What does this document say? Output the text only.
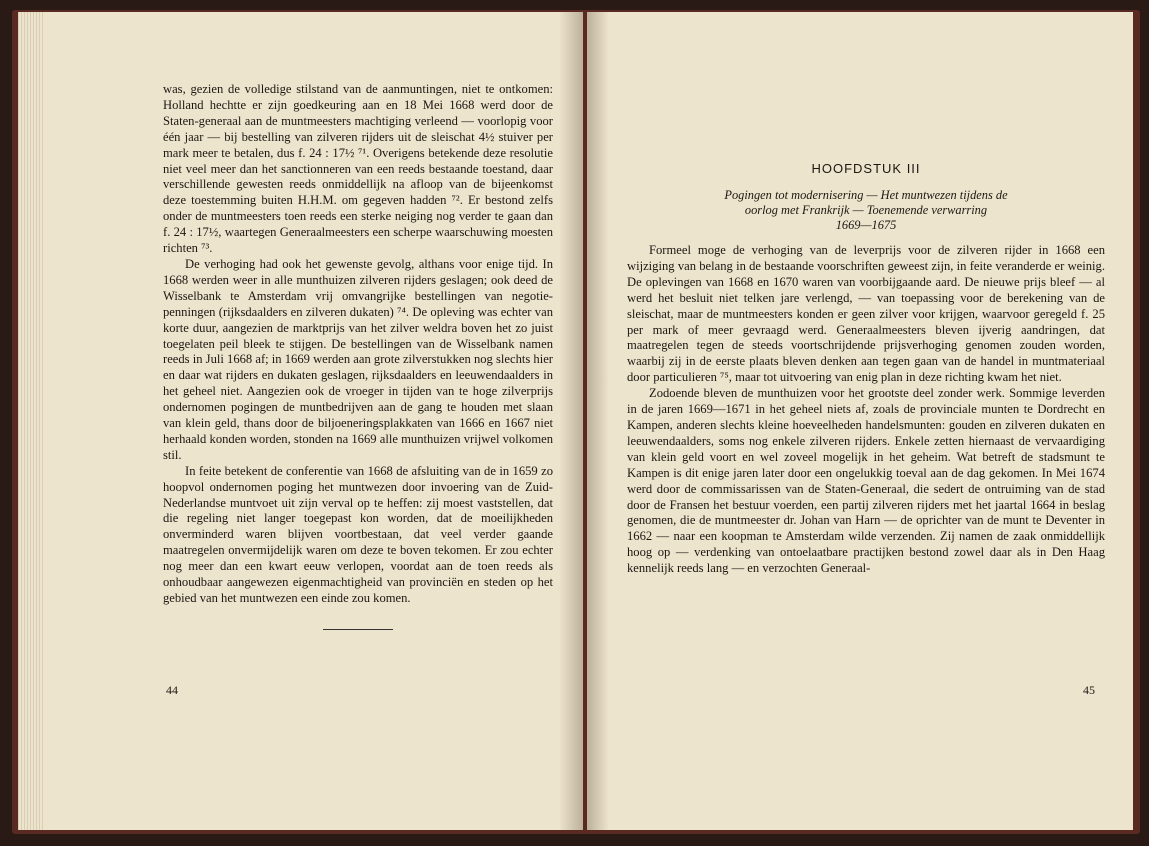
was, gezien de volledige stilstand van de aanmuntingen, niet te ontkomen: Holland hechtte er zijn goedkeuring aan en 18 Mei 1668 werd door de Staten-generaal aan de muntmeesters machtiging verleend — voorlopig voor één jaar — bij bestelling van zilveren rijders uit de sleischat 4½ stuiver per mark meer te betalen, dus f. 24 : 17½ ⁷¹. Overigens betekende deze resolutie niet veel meer dan het sanctionneren van een reeds bestaande toestand, daar verschillende gewesten reeds onmiddellijk na afloop van de bijeenkomst deze toestemming buiten H.H.M. om gegeven hadden ⁷². Er bestond zelfs onder de muntmeesters toen reeds een sterke neiging nog verder te gaan dan f. 24 : 17½, waartegen Generaalmeesters een scherpe waarschuwing moesten richten ⁷³.

De verhoging had ook het gewenste gevolg, althans voor enige tijd. In 1668 werden weer in alle munthuizen zilveren rijders geslagen; ook deed de Wisselbank te Amsterdam vrij omvangrijke bestellingen van negotie-penningen (rijksdaalders en zilveren dukaten) ⁷⁴. De opleving was echter van korte duur, aangezien de marktprijs van het zilver weldra boven het zo juist toegelaten peil bleek te stijgen. De bestellingen van de Wisselbank namen reeds in Juli 1668 af; in 1669 werden aan grote zilverstukken nog slechts hier en daar wat rijders en dukaten geslagen, rijksdaalders en leeuwendaalders in het geheel niet. Aangezien ook de vroeger in tijden van te hoge zilverprijs ondernomen pogingen de muntbedrijven aan de gang te houden met slaan van klein geld, thans door de biljoeneringsplakkaten van 1666 en 1667 niet herhaald konden worden, stonden na 1669 alle munthuizen vrijwel volkomen stil.

In feite betekent de conferentie van 1668 de afsluiting van de in 1659 zo hoopvol ondernomen poging het muntwezen door invoering van de Zuid-Nederlandse muntvoet uit zijn verval op te heffen: zij moest vaststellen, dat die regeling niet langer toegepast kon worden, dat de moeilijkheden onverminderd waren blijven voortbestaan, dat veel verder gaande maatregelen onvermijdelijk waren om deze te boven tekomen. Er zou echter nog meer dan een kwart eeuw verlopen, voordat aan de toen reeds als onhoudbaar aangewezen eigenmachtigheid van provinciën en steden op het gebied van het muntwezen een einde zou komen.

44
HOOFDSTUK III
Pogingen tot modernisering — Het muntwezen tijdens de
oorlog met Frankrijk — Toenemende verwarring
1669—1675

Formeel moge de verhoging van de leverprijs voor de zilveren rijder in 1668 een wijziging van belang in de bestaande voorschriften geweest zijn, in feite veranderde er weinig. De oplevingen van 1668 en 1670 waren van voorbijgaande aard. De nieuwe prijs bleef — al werd het besluit niet telken jare verlengd, — van toepassing voor de berekening van de sleischat, maar de muntmeesters konden er geen zilver voor krijgen, waarvoor geregeld f. 25 per mark of meer gevraagd werd. Generaalmeesters bleven ijverig aandringen, dat maatregelen tegen de steeds voortschrijdende prijsverhoging genomen zouden worden, waarbij zij in de eerste plaats bleven denken aan tegen gaan van de handel in muntmateriaal door particulieren ⁷⁵, maar tot uitvoering van enig plan in deze richting kwam het niet.

Zodoende bleven de munthuizen voor het grootste deel zonder werk. Sommige leverden in de jaren 1669—1671 in het geheel niets af, zoals de provinciale munten te Dordrecht en Kampen, anderen slechts kleine hoeveelheden handelsmunten: gouden en zilveren dukaten en leeuwendaalders, soms nog enkele zilveren rijders. Enkele zetten hiernaast de vervaardiging van klein geld voort en wel zoveel mogelijk in het geheim. Wat betreft de stadsmunt te Kampen is dit enige jaren later door een ongelukkig toeval aan de dag gekomen. In Mei 1674 werd door de commissarissen van de Staten-Generaal, die sedert de ontruiming van de stad door de Fransen het bestuur voerden, een partij zilveren rijders met het jaartal 1664 in beslag genomen, die de muntmeester dr. Johan van Harn — de oprichter van de munt te Deventer in 1662 — naar een koopman te Amsterdam wilde verzenden. Zij namen de zaak onmiddellijk hoog op — verdenking van ontoelaatbare practijken bestond zowel daar als in Den Haag kennelijk reeds lang — en verzochten Generaal-

45
